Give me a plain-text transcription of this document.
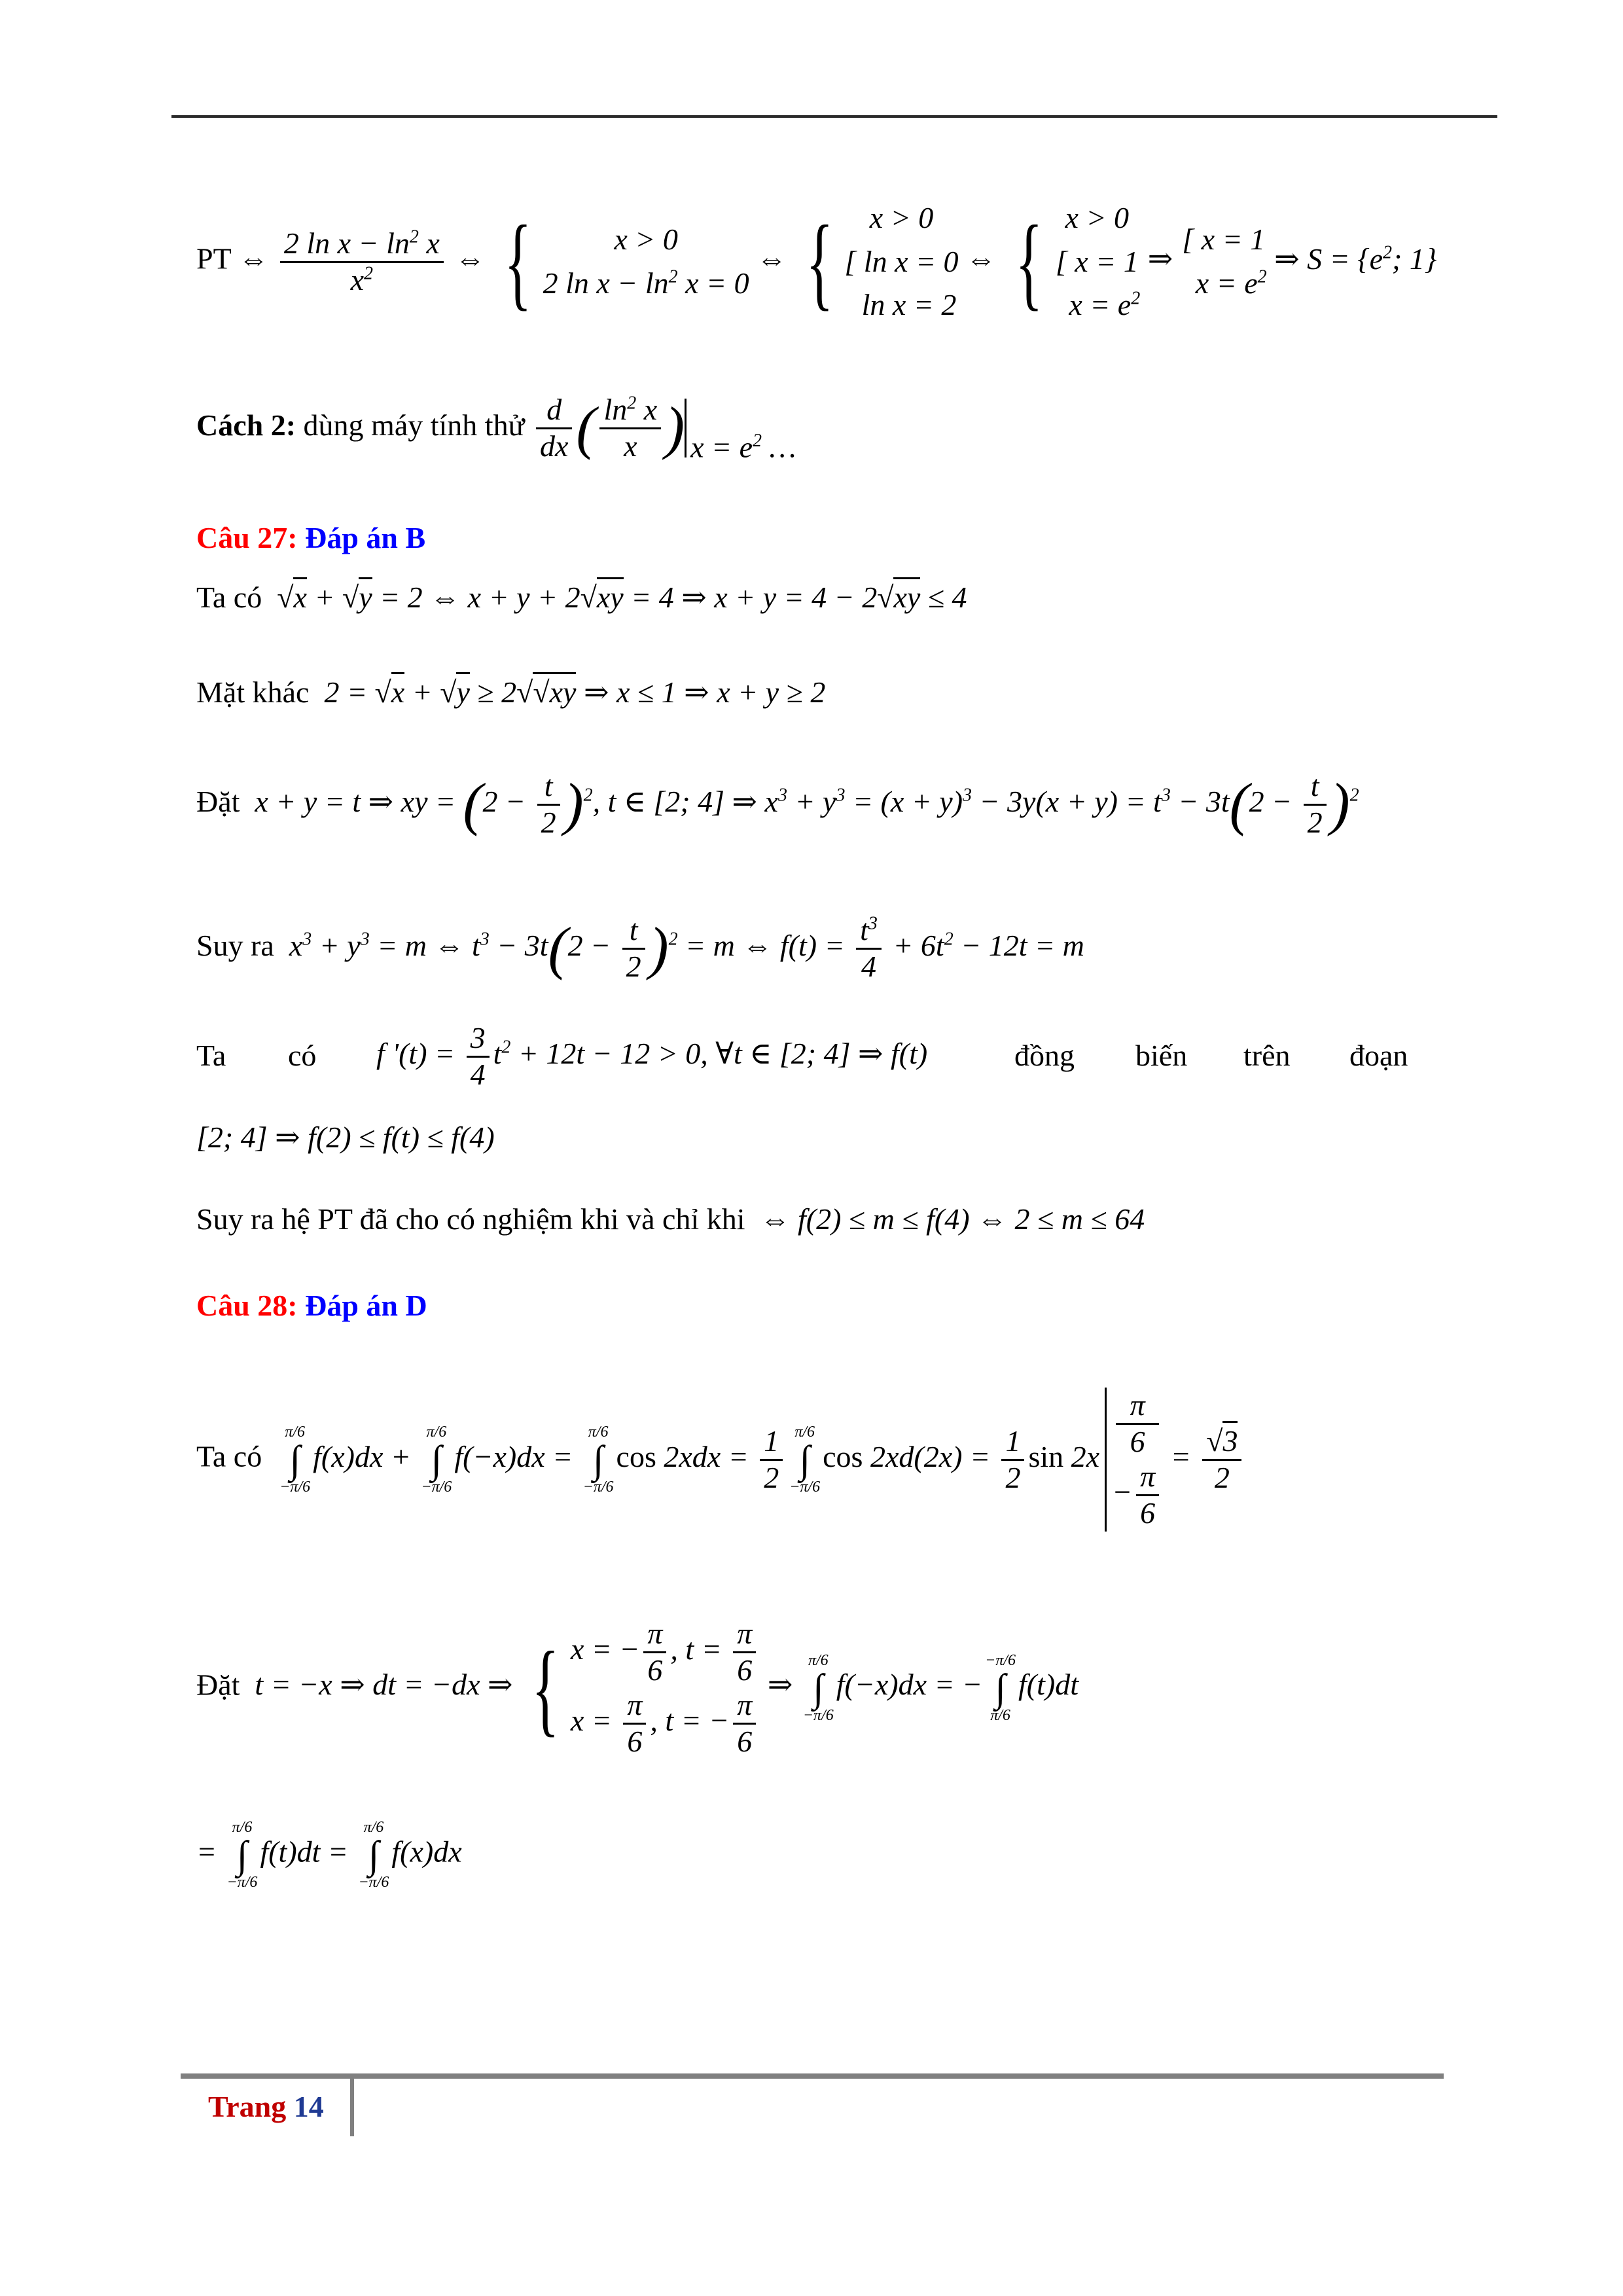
PT ⇔ $\frac{2 \ln x - \ln^2 x}{x^2}$ ⇔ {	x > 0
2 $\ln x - \ln^2 x = 0$
⇔ {	x > 0
[ ln x = 0
ln x = 2
⇔ { x > 0
[ x = 1
$x = e^2$
⇒
[ x = 1
$x = e^2$
⇒ $S = \{e^2$; 1}
Cách 2: dùng máy tính thử $\frac{d}{dx}$ ( $\frac{\ln^2 x}{x}$ ) $x = e^2$ …
Câu 27: Đáp án B
Ta có  √x + √y = 2 ⇔ x + y + 2√xy = 4 ⇒ x + y = 4 − 2√xy ≤ 4
Mặt khác  2 = √x + √y ≥ 2√√xy ⇒ x ≤ 1 ⇒ x + y ≥ 2
Đặt  x + y = t ⇒ xy = $(2 - \frac{t}{2} )^2$, t ∈ [2; 4] ⇒ $x^3 + y^3 = (x + y)^3 - 3y(x + y) = t^3 - 3t(2 - \frac{t}{2} )^2$
Suy ra  $x^3 + y^3 = m$ ⇔ $t^3 - 3t(2 - \frac{t}{2} )^2 = m$ ⇔ $f(t) = \frac{t^3}{4} + 6t^2 - 12t = m$
Ta có f '$(t) = \frac{3}{4} t^2 + 12t - 12 > 0$, ∀t ∈ [2; 4] ⇒ f(t)	đồng biến trên đoạn
[2; 4] ⇒ f(2) ≤ f(t) ≤ f(4)
Suy ra hệ PT đã cho có nghiệm khi và chỉ khi  ⇔ f(2) ≤ m ≤ f(4) ⇔ 2 ≤ m ≤ 64
Câu 28: Đáp án D
Ta có
π/6
∫
−π/6
f(x)dx +
π/6
∫
−π/6
f(−x)dx =
π/6
∫
−π/6
$\cos 2xdx = \frac{1}{2} \pi/6$
∫
−π/6
$\cos 2xd(2x) = \frac{1}{2}$ sin 2x
π
6
− $\frac{\pi}{6}$
= $\frac{√3}{2}$
Đặt  t = −x ⇒ dt = −dx ⇒ { x = − $\frac{\pi}{6}$ , $t = \frac{\pi}{6}$
$x = \frac{\pi}{6}$ , t = − $\frac{\pi}{6}$
⇒
π/6
∫
−π/6
f(−x)dx = −
−π/6
∫
π/6
f(t)dt
=
π/6
∫
−π/6
f(t)dt =
π/6
∫
−π/6
f(x)dx
Trang 14
